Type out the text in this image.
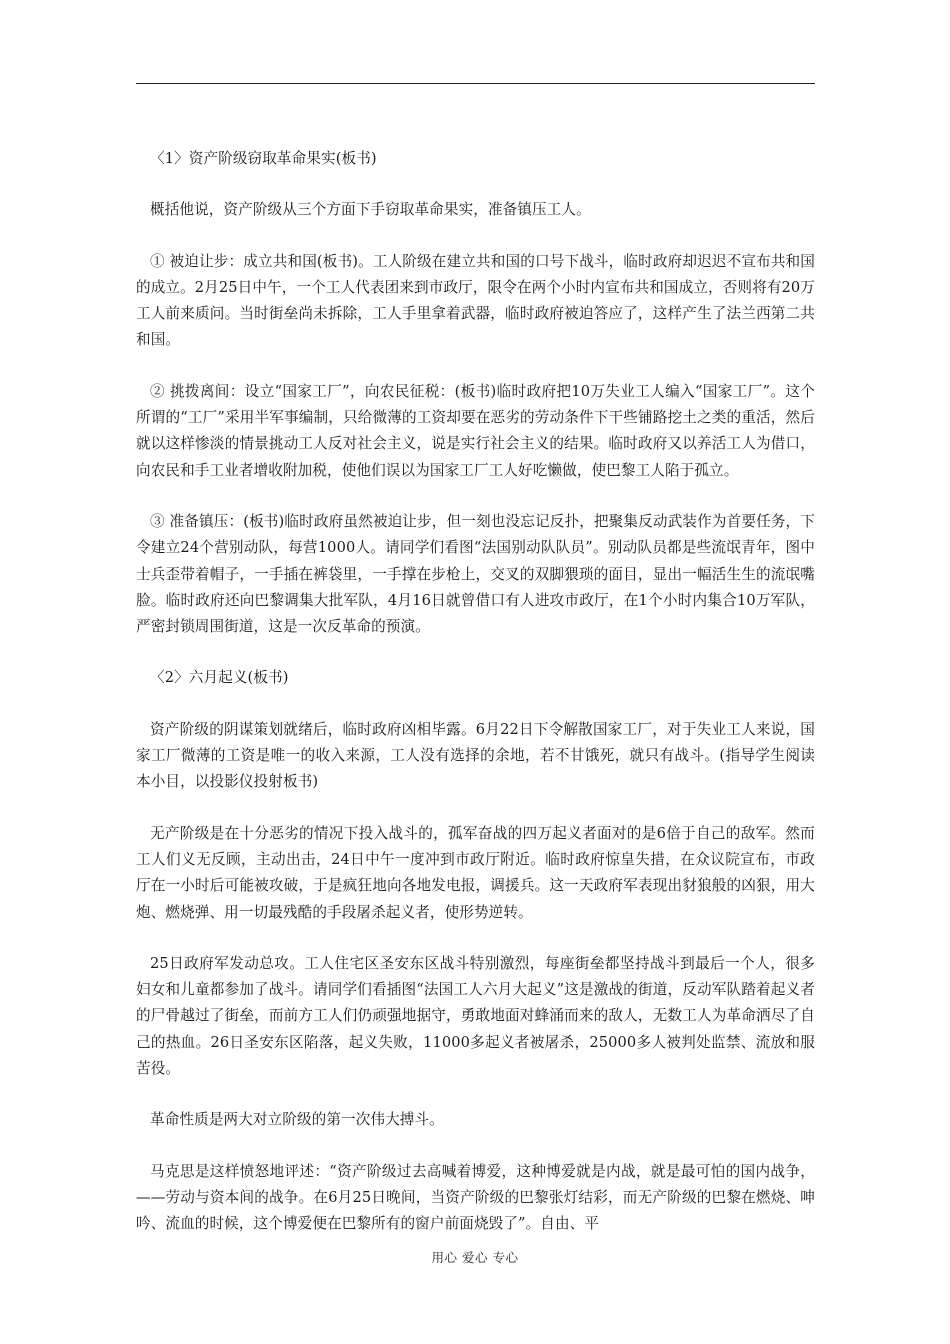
〈1〉资产阶级窃取革命果实(板书)

概括他说，资产阶级从三个方面下手窃取革命果实，准备镇压工人。

① 被迫让步：成立共和国(板书)。工人阶级在建立共和国的口号下战斗，临时政府却迟迟不宣布共和国的成立。2月25日中午，一个工人代表团来到市政厅，限令在两个小时内宣布共和国成立，否则将有20万工人前来质问。当时街垒尚未拆除，工人手里拿着武器，临时政府被迫答应了，这样产生了法兰西第二共和国。

② 挑拨离间：设立“国家工厂”，向农民征税：(板书)临时政府把10万失业工人编入“国家工厂”。这个所谓的“工厂”采用半军事编制，只给微薄的工资却要在恶劣的劳动条件下干些铺路挖土之类的重活，然后就以这样惨淡的情景挑动工人反对社会主义，说是实行社会主义的结果。临时政府又以养活工人为借口，向农民和手工业者增收附加税，使他们误以为国家工厂工人好吃懒做，使巴黎工人陷于孤立。

③ 准备镇压：(板书)临时政府虽然被迫让步，但一刻也没忘记反扑，把聚集反动武装作为首要任务，下令建立24个营别动队，每营1000人。请同学们看图“法国别动队队员”。别动队员都是些流氓青年，图中士兵歪带着帽子，一手插在裤袋里，一手撑在步枪上，交叉的双脚猥琐的面目，显出一幅活生生的流氓嘴脸。临时政府还向巴黎调集大批军队，4月16日就曾借口有人进攻市政厅，在1个小时内集合10万军队，严密封锁周围街道，这是一次反革命的预演。

〈2〉六月起义(板书)

资产阶级的阴谋策划就绪后，临时政府凶相毕露。6月22日下令解散国家工厂，对于失业工人来说，国家工厂微薄的工资是唯一的收入来源，工人没有选择的余地，若不甘饿死，就只有战斗。(指导学生阅读本小目，以投影仪投射板书)

无产阶级是在十分恶劣的情况下投入战斗的，孤军奋战的四万起义者面对的是6倍于自己的敌军。然而工人们义无反顾，主动出击，24日中午一度冲到市政厅附近。临时政府惊皇失措，在众议院宣布，市政厅在一小时后可能被攻破，于是疯狂地向各地发电报，调援兵。这一天政府军表现出豺狼般的凶狠，用大炮、燃烧弹、用一切最残酷的手段屠杀起义者，使形势逆转。

25日政府军发动总攻。工人住宅区圣安东区战斗特别激烈，每座街垒都坚持战斗到最后一个人，很多妇女和儿童都参加了战斗。请同学们看插图“法国工人六月大起义”这是激战的街道，反动军队踏着起义者的尸骨越过了街垒，而前方工人们仍顽强地据守，勇敢地面对蜂涌而来的敌人，无数工人为革命洒尽了自己的热血。26日圣安东区陷落，起义失败，11000多起义者被屠杀，25000多人被判处监禁、流放和服苦役。

革命性质是两大对立阶级的第一次伟大搏斗。

马克思是这样愤怒地评述：“资产阶级过去高喊着博爱，这种博爱就是内战，就是最可怕的国内战争，——劳动与资本间的战争。在6月25日晚间，当资产阶级的巴黎张灯结彩，而无产阶级的巴黎在燃烧、呻吟、流血的时候，这个博爱便在巴黎所有的窗户前面烧毁了”。自由、平

用心 爱心 专心
